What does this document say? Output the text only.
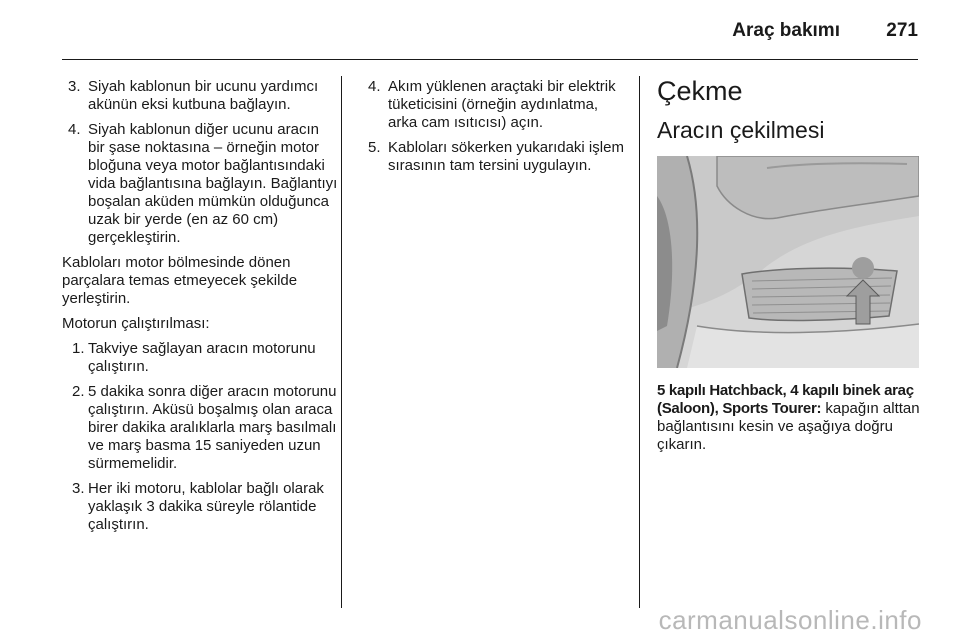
Araç bakımı 271
3. Siyah kablonun bir ucunu yardımcı akünün eksi kutbuna bağlayın.
4. Siyah kablonun diğer ucunu aracın bir şase noktasına – örneğin motor bloğuna veya motor bağlantısındaki vida bağlantısına bağlayın. Bağlantıyı boşalan aküden mümkün olduğunca uzak bir yerde (en az 60 cm) gerçekleştirin.

Kabloları motor bölmesinde dönen parçalara temas etmeyecek şekilde yerleştirin.

Motorun çalıştırılması:

1. Takviye sağlayan aracın motorunu çalıştırın.
2. 5 dakika sonra diğer aracın motorunu çalıştırın. Aküsü boşalmış olan araca birer dakika aralıklarla marş basılmalı ve marş basma 15 saniyeden uzun sürmemelidir.
3. Her iki motoru, kablolar bağlı olarak yaklaşık 3 dakika süreyle rölantide çalıştırın.
4. Akım yüklenen araçtaki bir elektrik tüketicisini (örneğin aydınlatma, arka cam ısıtıcısı) açın.
5. Kabloları sökerken yukarıdaki işlem sırasının tam tersini uygulayın.
Çekme
Aracın çekilmesi

5 kapılı Hatchback, 4 kapılı binek araç (Saloon), Sports Tourer: kapağın alttan bağlantısını kesin ve aşağıya doğru çıkarın.

carmanualsonline.info
